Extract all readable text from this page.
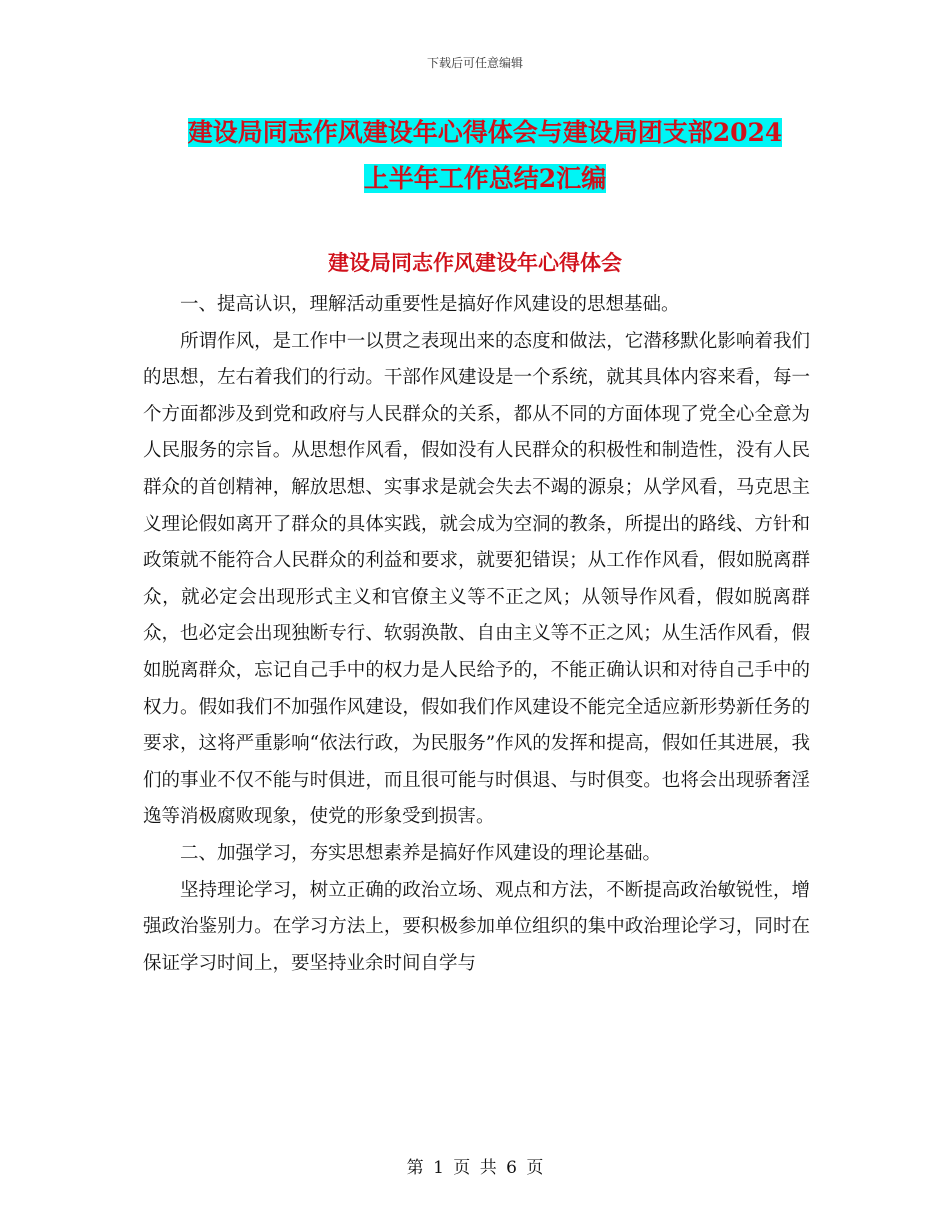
下载后可任意编辑
建设局同志作风建设年心得体会与建设局团支部2024
上半年工作总结2汇编
建设局同志作风建设年心得体会

一、提高认识，理解活动重要性是搞好作风建设的思想基础。

所谓作风，是工作中一以贯之表现出来的态度和做法，它潜移默化影响着我们的思想，左右着我们的行动。干部作风建设是一个系统，就其具体内容来看，每一个方面都涉及到党和政府与人民群众的关系，都从不同的方面体现了党全心全意为人民服务的宗旨。从思想作风看，假如没有人民群众的积极性和制造性，没有人民群众的首创精神，解放思想、实事求是就会失去不竭的源泉；从学风看，马克思主义理论假如离开了群众的具体实践，就会成为空洞的教条，所提出的路线、方针和政策就不能符合人民群众的利益和要求，就要犯错误；从工作作风看，假如脱离群众，就必定会出现形式主义和官僚主义等不正之风；从领导作风看，假如脱离群众，也必定会出现独断专行、软弱涣散、自由主义等不正之风；从生活作风看，假如脱离群众，忘记自己手中的权力是人民给予的，不能正确认识和对待自己手中的权力。假如我们不加强作风建设，假如我们作风建设不能完全适应新形势新任务的要求，这将严重影响“依法行政，为民服务”作风的发挥和提高，假如任其进展，我们的事业不仅不能与时俱进，而且很可能与时俱退、与时俱变。也将会出现骄奢淫逸等消极腐败现象，使党的形象受到损害。

二、加强学习，夯实思想素养是搞好作风建设的理论基础。

坚持理论学习，树立正确的政治立场、观点和方法，不断提高政治敏锐性，增强政治鉴别力。在学习方法上，要积极参加单位组织的集中政治理论学习，同时在保证学习时间上，要坚持业余时间自学与

第 1 页 共 6 页
